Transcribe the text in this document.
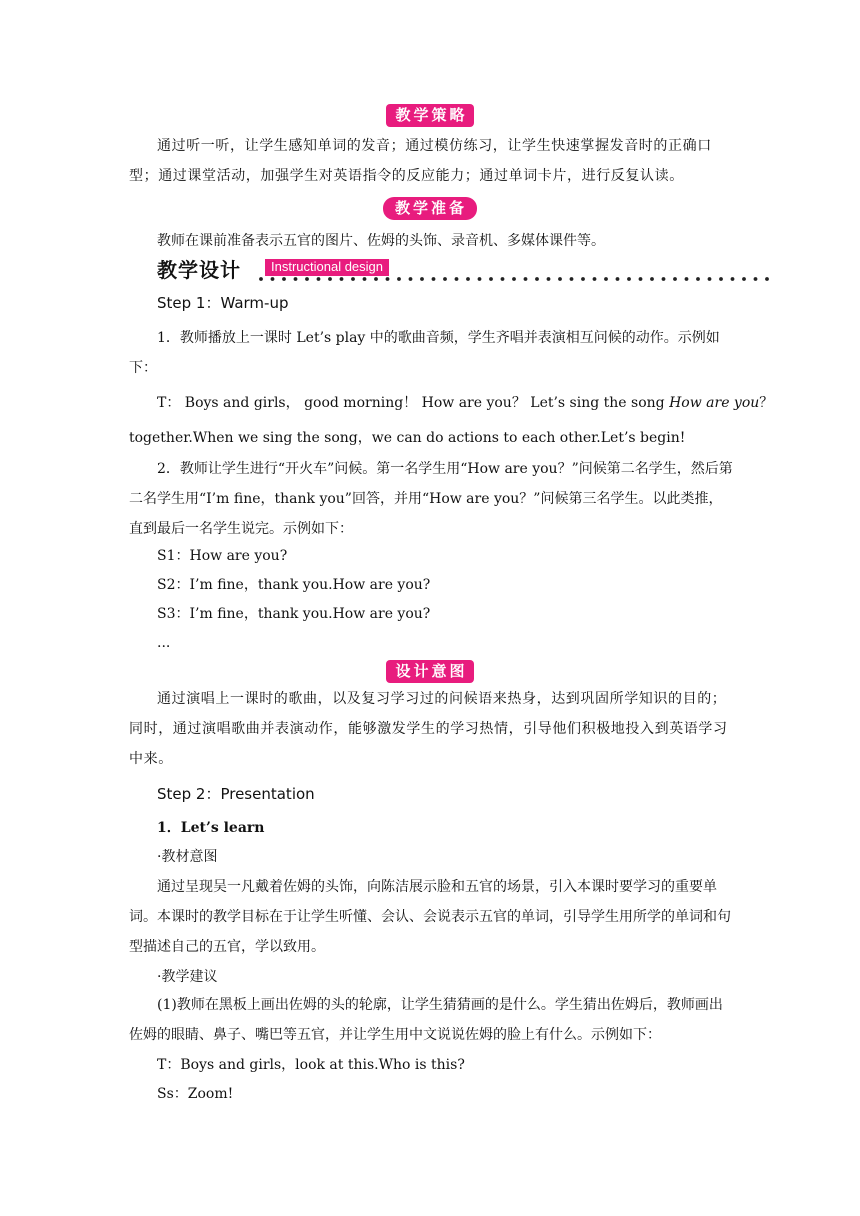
教学策略

通过听一听，让学生感知单词的发音；通过模仿练习，让学生快速掌握发音时的正确口型；通过课堂活动，加强学生对英语指令的反应能力；通过单词卡片，进行反复认读。

教学准备

教师在课前准备表示五官的图片、佐姆的头饰、录音机、多媒体课件等。

教学设计	Instructional design
Step 1：Warm-up

1．教师播放上一课时 Let’s play 中的歌曲音频，学生齐唱并表演相互问候的动作。示例如下：

T： Boys and girls， good morning！ How are you？ Let’s sing the song How are you？

together.When we sing the song，we can do actions to each other.Let’s begin!

2．教师让学生进行“开火车”问候。第一名学生用“How are you？”问候第二名学生，然后第二名学生用“I’m fine，thank you”回答，并用“How are you？”问候第三名学生。以此类推，直到最后一名学生说完。示例如下：

S1：How are you?

S2：I’m fine，thank you.How are you?

S3：I’m fine，thank you.How are you?

...

设计意图

通过演唱上一课时的歌曲，以及复习学习过的问候语来热身，达到巩固所学知识的目的；同时，通过演唱歌曲并表演动作，能够激发学生的学习热情，引导他们积极地投入到英语学习中来。

Step 2：Presentation

1．Let’s learn

·教材意图

通过呈现吴一凡戴着佐姆的头饰，向陈洁展示脸和五官的场景，引入本课时要学习的重要单词。本课时的教学目标在于让学生听懂、会认、会说表示五官的单词，引导学生用所学的单词和句型描述自己的五官，学以致用。

·教学建议

(1)教师在黑板上画出佐姆的头的轮廓，让学生猜猜画的是什么。学生猜出佐姆后，教师画出佐姆的眼睛、鼻子、嘴巴等五官，并让学生用中文说说佐姆的脸上有什么。示例如下：

T：Boys and girls，look at this.Who is this?

Ss：Zoom!
